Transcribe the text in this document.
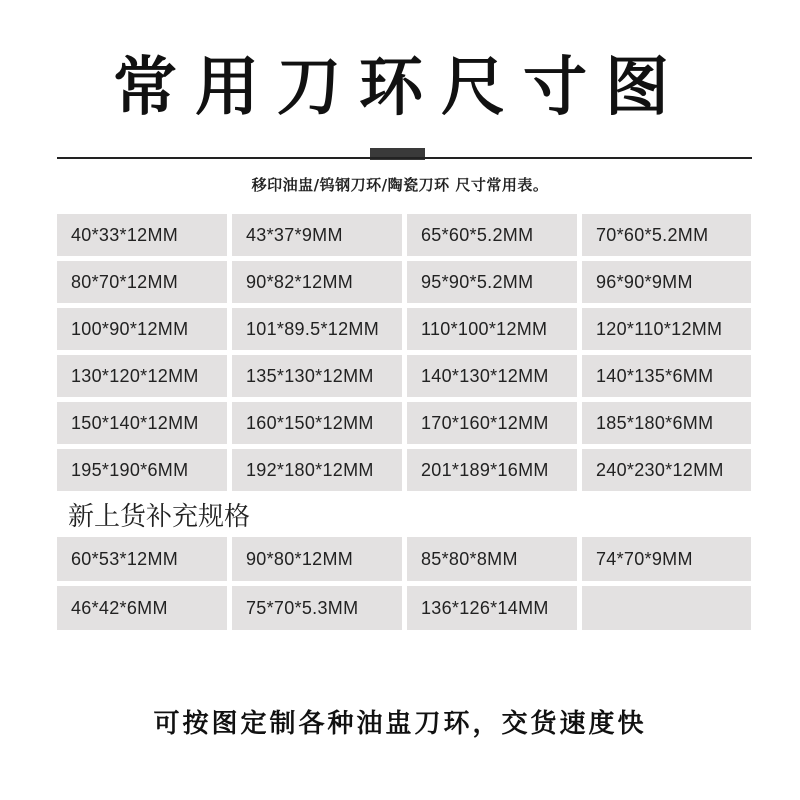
常用刀环尺寸图
移印油盅/钨钢刀环/陶瓷刀环 尺寸常用表。
40*33*12MM	43*37*9MM	65*60*5.2MM	70*60*5.2MM
80*70*12MM	90*82*12MM	95*90*5.2MM	96*90*9MM
100*90*12MM	101*89.5*12MM	110*100*12MM	120*110*12MM
130*120*12MM	135*130*12MM	140*130*12MM	140*135*6MM
150*140*12MM	160*150*12MM	170*160*12MM	185*180*6MM
195*190*6MM	192*180*12MM	201*189*16MM	240*230*12MM
新上货补充规格
60*53*12MM	90*80*12MM	85*80*8MM	74*70*9MM
46*42*6MM	75*70*5.3MM	136*126*14MM
可按图定制各种油盅刀环，交货速度快
